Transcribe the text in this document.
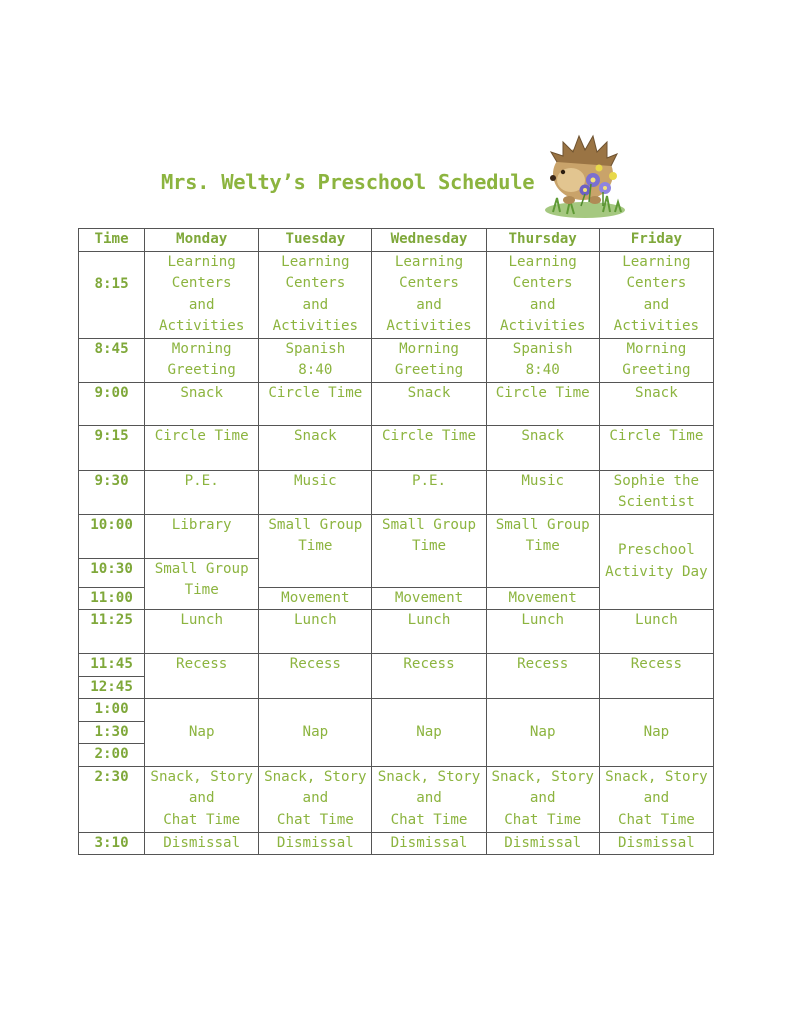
Mrs. Welty’s Preschool Schedule
Time	Monday	Tuesday	Wednesday	Thursday	Friday
8:15	Learning
Centers
and
Activities	Learning
Centers
and
Activities	Learning
Centers
and
Activities	Learning
Centers
and
Activities	Learning
Centers
and
Activities

8:45	Morning
Greeting	Spanish
8:40	Morning
Greeting	Spanish
8:40	Morning
Greeting

9:00	Snack	Circle Time	Snack	Circle Time	Snack
9:15	Circle Time	Snack	Circle Time	Snack	Circle Time
9:30	P.E.	Music	P.E.	Music	Sophie the
Scientist

10:00	Library	Small Group
Time	Small Group
Time	Small Group
Time	Preschool
Activity Day

10:30	Small Group
Time				

11:00		Movement	Movement	Movement	
11:25	Lunch	Lunch	Lunch	Lunch	Lunch
11:45	Recess	Recess	Recess	Recess	Recess
12:45					
1:00	Nap	Nap	Nap	Nap	Nap
1:30					
2:00					
2:30	Snack, Story
and
Chat Time	Snack, Story
and
Chat Time	Snack, Story
and
Chat Time	Snack, Story
and
Chat Time	Snack, Story
and
Chat Time

3:10	Dismissal	Dismissal	Dismissal	Dismissal	Dismissal
